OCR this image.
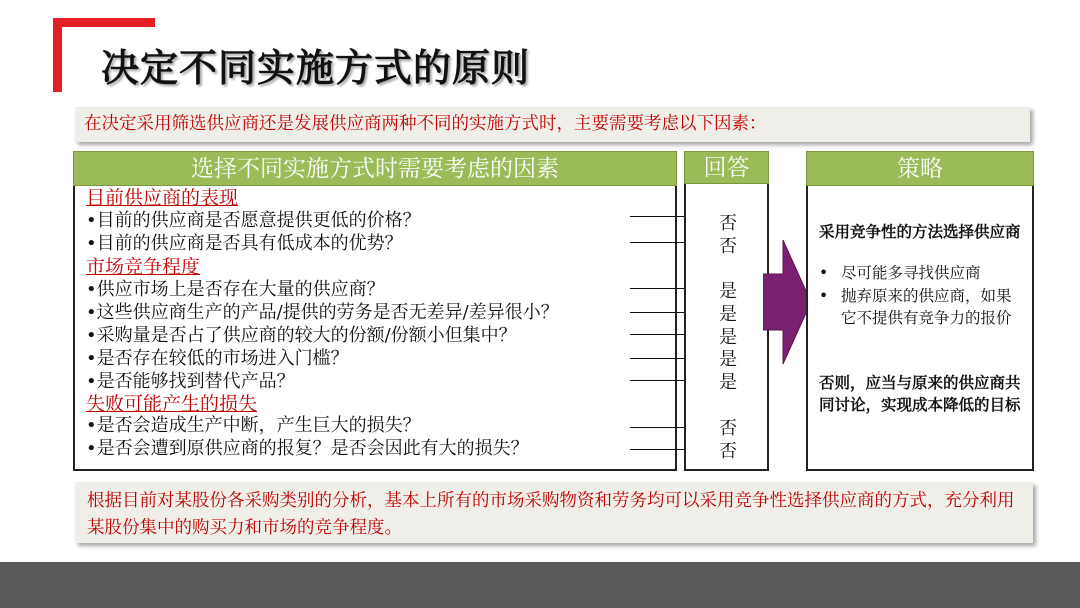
决定不同实施方式的原则
在决定采用筛选供应商还是发展供应商两种不同的实施方式时，主要需要考虑以下因素：
选择不同实施方式时需要考虑的因素
目前供应商的表现
•目前的供应商是否愿意提供更低的价格？
•目前的供应商是否具有低成本的优势？
市场竞争程度
•供应市场上是否存在大量的供应商？
•这些供应商生产的产品/提供的劳务是否无差异/差异很小？
•采购量是否占了供应商的较大的份额/份额小但集中？
•是否存在较低的市场进入门槛？
•是否能够找到替代产品？
失败可能产生的损失
•是否会造成生产中断，产生巨大的损失？
•是否会遭到原供应商的报复？是否会因此有大的损失？
回答
否
否
是
是
是
是
是
否
否
策略
采用竞争性的方法选择供应商
• 尽可能多寻找供应商
• 抛弃原来的供应商，如果它不提供有竞争力的报价
否则，应当与原来的供应商共同讨论，实现成本降低的目标
根据目前对某股份各采购类别的分析，基本上所有的市场采购物资和劳务均可以采用竞争性选择供应商的方式，充分利用某股份集中的购买力和市场的竞争程度。
